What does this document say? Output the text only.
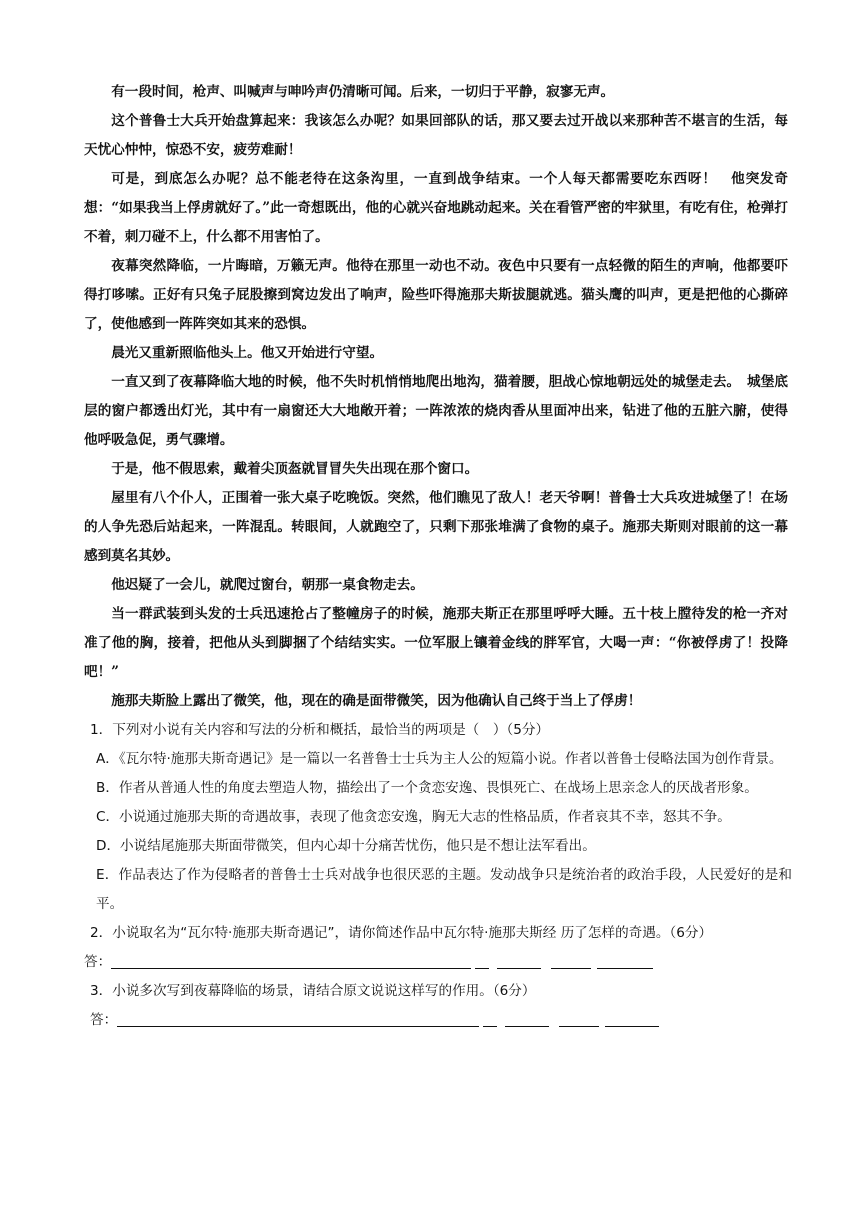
有一段时间，枪声、叫喊声与呻吟声仍清晰可闻。后来，一切归于平静，寂寥无声。

这个普鲁士大兵开始盘算起来：我该怎么办呢？如果回部队的话，那又要去过开战以来那种苦不堪言的生活，每天忧心忡忡，惊恐不安，疲劳难耐！

可是，到底怎么办呢？总不能老待在这条沟里，一直到战争结束。一个人每天都需要吃东西呀！　他突发奇想：“如果我当上俘虏就好了。”此一奇想既出，他的心就兴奋地跳动起来。关在看管严密的牢狱里，有吃有住，枪弹打不着，刺刀碰不上，什么都不用害怕了。

夜幕突然降临，一片晦暗，万籁无声。他待在那里一动也不动。夜色中只要有一点轻微的陌生的声响，他都要吓得打哆嗦。正好有只兔子屁股擦到窝边发出了响声，险些吓得施那夫斯拔腿就逃。猫头鹰的叫声，更是把他的心撕碎了，使他感到一阵阵突如其来的恐惧。

晨光又重新照临他头上。他又开始进行守望。

一直又到了夜幕降临大地的时候，他不失时机悄悄地爬出地沟，猫着腰，胆战心惊地朝远处的城堡走去。　城堡底层的窗户都透出灯光，其中有一扇窗还大大地敞开着；一阵浓浓的烧肉香从里面冲出来，钻进了他的五脏六腑，使得他呼吸急促，勇气骤增。

于是，他不假思索，戴着尖顶盔就冒冒失失出现在那个窗口。

屋里有八个仆人，正围着一张大桌子吃晚饭。突然，他们瞧见了敌人！老天爷啊！普鲁士大兵攻进城堡了！在场的人争先恐后站起来，一阵混乱。转眼间，人就跑空了，只剩下那张堆满了食物的桌子。施那夫斯则对眼前的这一幕感到莫名其妙。

他迟疑了一会儿，就爬过窗台，朝那一桌食物走去。

当一群武装到头发的士兵迅速抢占了整幢房子的时候，施那夫斯正在那里呼呼大睡。五十枝上膛待发的枪一齐对准了他的胸，接着，把他从头到脚捆了个结结实实。一位军服上镶着金线的胖军官，大喝一声：“你被俘虏了！投降吧！”

施那夫斯脸上露出了微笑，他，现在的确是面带微笑，因为他确认自己终于当上了俘虏！

1．下列对小说有关内容和写法的分析和概括，最恰当的两项是（　）（5分）
A．《瓦尔特·施那夫斯奇遇记》是一篇以一名普鲁士士兵为主人公的短篇小说。作者以普鲁士侵略法国为创作背景。
B．作者从普通人性的角度去塑造人物，描绘出了一个贪恋安逸、畏惧死亡、在战场上思亲念人的厌战者形象。
C．小说通过施那夫斯的奇遇故事，表现了他贪恋安逸，胸无大志的性格品质，作者哀其不幸，怒其不争。
D．小说结尾施那夫斯面带微笑，但内心却十分痛苦忧伤，他只是不想让法军看出。
E．作品表达了作为侵略者的普鲁士士兵对战争也很厌恶的主题。发动战争只是统治者的政治手段，人民爱好的是和平。
2．小说取名为“瓦尔特·施那夫斯奇遇记”，请你简述作品中瓦尔特·施那夫斯经 历了怎样的奇遇。（6分）
答：
3．小说多次写到夜幕降临的场景，请结合原文说说这样写的作用。（6分）
答：
